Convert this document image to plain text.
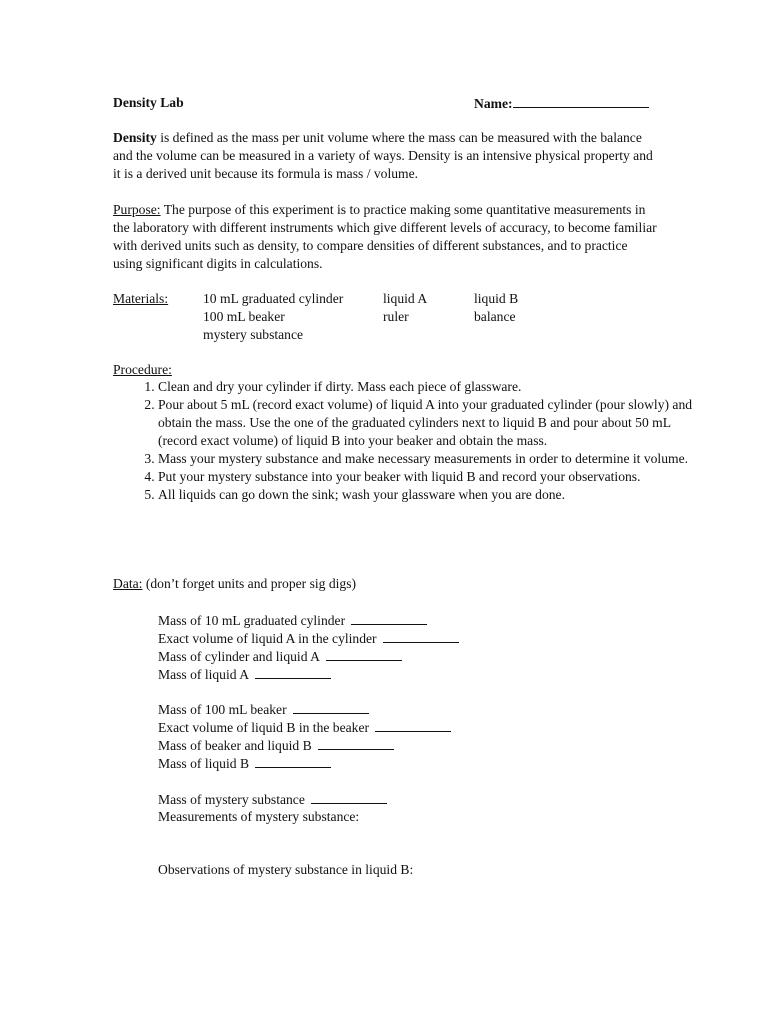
Density Lab	Name:

Density is defined as the mass per unit volume where the mass can be measured with the balance and the volume can be measured in a variety of ways. Density is an intensive physical property and it is a derived unit because its formula is mass / volume.

Purpose: The purpose of this experiment is to practice making some quantitative measurements in the laboratory with different instruments which give different levels of accuracy, to become familiar with derived units such as density, to compare densities of different substances, and to practice using significant digits in calculations.

Materials:	10 mL graduated cylinder
100 mL beaker
mystery substance
liquid A
ruler
liquid B
balance
Procedure:
1. Clean and dry your cylinder if dirty. Mass each piece of glassware.
2. Pour about 5 mL (record exact volume) of liquid A into your graduated cylinder (pour slowly) and obtain the mass. Use the one of the graduated cylinders next to liquid B and pour about 50 mL (record exact volume) of liquid B into your beaker and obtain the mass.
3. Mass your mystery substance and make necessary measurements in order to determine it volume.
4. Put your mystery substance into your beaker with liquid B and record your observations.
5. All liquids can go down the sink; wash your glassware when you are done.
Data: (don’t forget units and proper sig digs)
Mass of 10 mL graduated cylinder
Exact volume of liquid A in the cylinder
Mass of cylinder and liquid A
Mass of liquid A
Mass of 100 mL beaker
Exact volume of liquid B in the beaker
Mass of beaker and liquid B
Mass of liquid B
Mass of mystery substance
Measurements of mystery substance:
Observations of mystery substance in liquid B:
